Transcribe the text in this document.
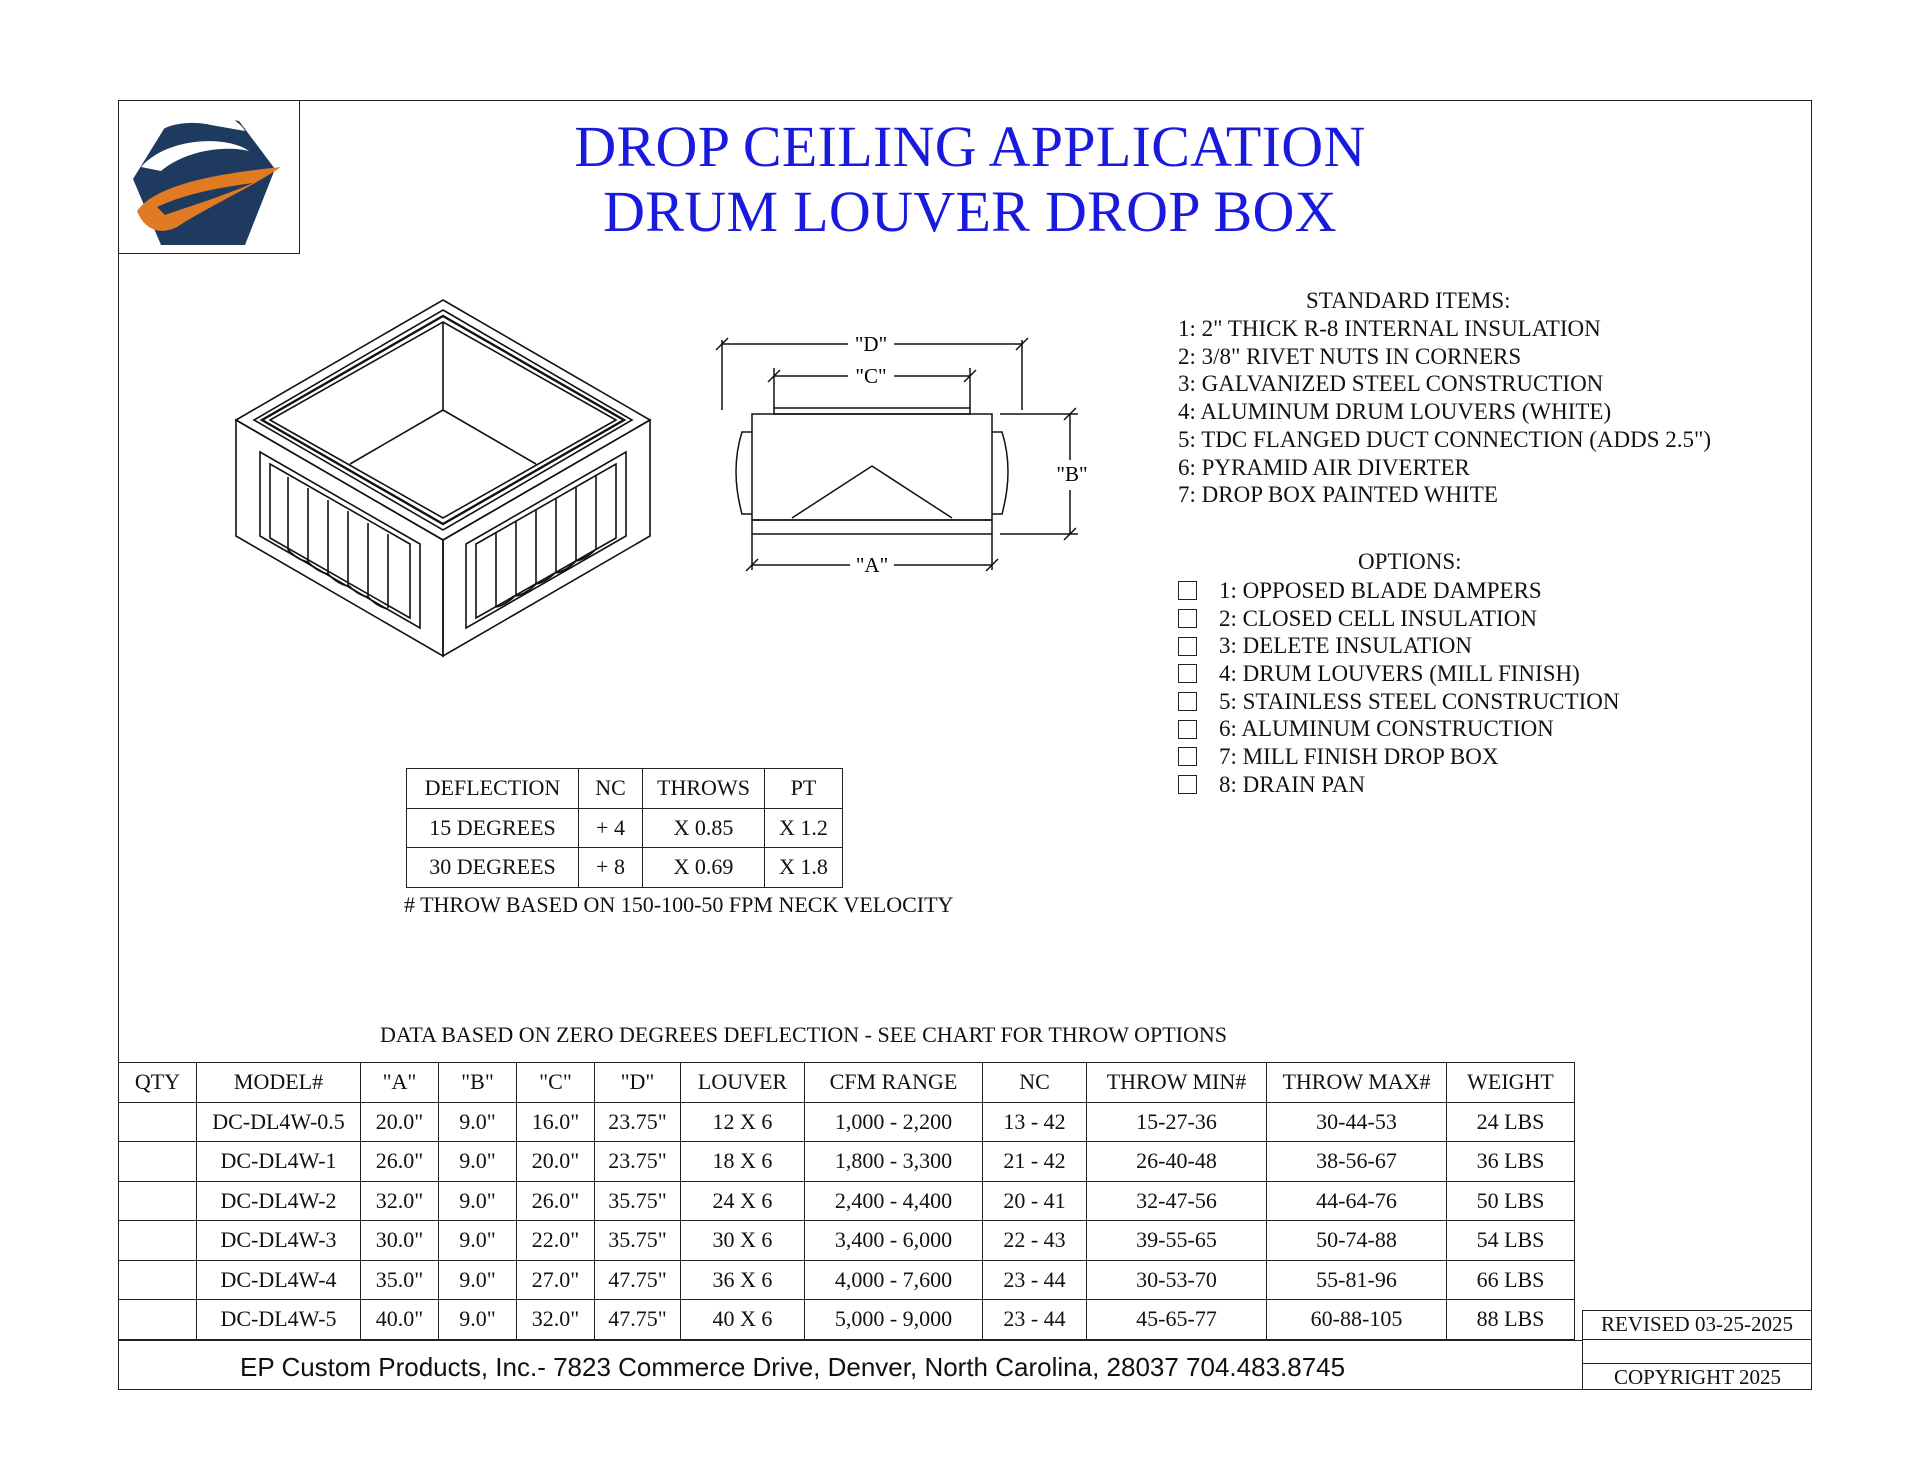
DROP CEILING APPLICATION
DRUM LOUVER DROP BOX
"D"
"C"
"B"
"A"
STANDARD ITEMS:
1: 2" THICK R-8 INTERNAL INSULATION
2: 3/8" RIVET NUTS IN CORNERS
3: GALVANIZED STEEL CONSTRUCTION
4: ALUMINUM DRUM LOUVERS (WHITE)
5: TDC FLANGED DUCT CONNECTION (ADDS 2.5")
6: PYRAMID AIR DIVERTER
7: DROP BOX PAINTED WHITE
OPTIONS:
1: OPPOSED BLADE DAMPERS
2: CLOSED CELL INSULATION
3: DELETE INSULATION
4: DRUM LOUVERS (MILL FINISH)
5: STAINLESS STEEL CONSTRUCTION
6: ALUMINUM CONSTRUCTION
7: MILL FINISH DROP BOX
8: DRAIN PAN
DEFLECTION	NC	THROWS	PT
15 DEGREES	+ 4	X 0.85	X 1.2
30 DEGREES	+ 8	X 0.69	X 1.8
# THROW BASED ON 150-100-50 FPM NECK VELOCITY
DATA BASED ON ZERO DEGREES DEFLECTION - SEE CHART FOR THROW OPTIONS
QTY	MODEL#	"A"	"B"	"C"	"D"	LOUVER	CFM RANGE	NC	THROW MIN#	THROW MAX#	WEIGHT
	DC-DL4W-0.5	20.0"	9.0"	16.0"	23.75"	12 X 6	1,000 - 2,200	13 - 42	15-27-36	30-44-53	24 LBS
	DC-DL4W-1	26.0"	9.0"	20.0"	23.75"	18 X 6	1,800 - 3,300	21 - 42	26-40-48	38-56-67	36 LBS
	DC-DL4W-2	32.0"	9.0"	26.0"	35.75"	24 X 6	2,400 - 4,400	20 - 41	32-47-56	44-64-76	50 LBS
	DC-DL4W-3	30.0"	9.0"	22.0"	35.75"	30 X 6	3,400 - 6,000	22 - 43	39-55-65	50-74-88	54 LBS
	DC-DL4W-4	35.0"	9.0"	27.0"	47.75"	36 X 6	4,000 - 7,600	23 - 44	30-53-70	55-81-96	66 LBS
	DC-DL4W-5	40.0"	9.0"	32.0"	47.75"	40 X 6	5,000 - 9,000	23 - 44	45-65-77	60-88-105	88 LBS
EP Custom Products, Inc.- 7823 Commerce Drive, Denver, North Carolina, 28037 704.483.8745
REVISED 03-25-2025
COPYRIGHT 2025
